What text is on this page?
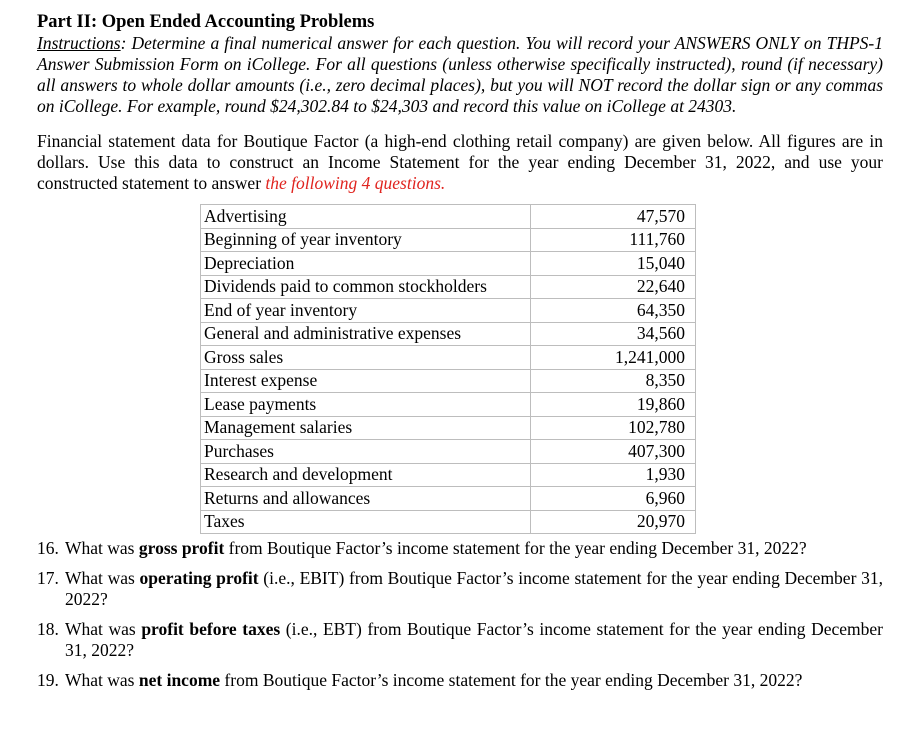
Part II: Open Ended Accounting Problems

Instructions: Determine a final numerical answer for each question. You will record your ANSWERS ONLY on THPS-1 Answer Submission Form on iCollege. For all questions (unless otherwise specifically instructed), round (if necessary) all answers to whole dollar amounts (i.e., zero decimal places), but you will NOT record the dollar sign or any commas on iCollege. For example, round $24,302.84 to $24,303 and record this value on iCollege at 24303.

Financial statement data for Boutique Factor (a high-end clothing retail company) are given below. All figures are in dollars. Use this data to construct an Income Statement for the year ending December 31, 2022, and use your constructed statement to answer the following 4 questions.

Advertising	47,570
Beginning of year inventory	111,760
Depreciation	15,040
Dividends paid to common stockholders	22,640
End of year inventory	64,350
General and administrative expenses	34,560
Gross sales	1,241,000
Interest expense	8,350
Lease payments	19,860
Management salaries	102,780
Purchases	407,300
Research and development	1,930
Returns and allowances	6,960
Taxes	20,970
16. What was gross profit from Boutique Factor’s income statement for the year ending December 31, 2022?
17. What was operating profit (i.e., EBIT) from Boutique Factor’s income statement for the year ending December 31, 2022?
18. What was profit before taxes (i.e., EBT) from Boutique Factor’s income statement for the year ending December 31, 2022?
19. What was net income from Boutique Factor’s income statement for the year ending December 31, 2022?
